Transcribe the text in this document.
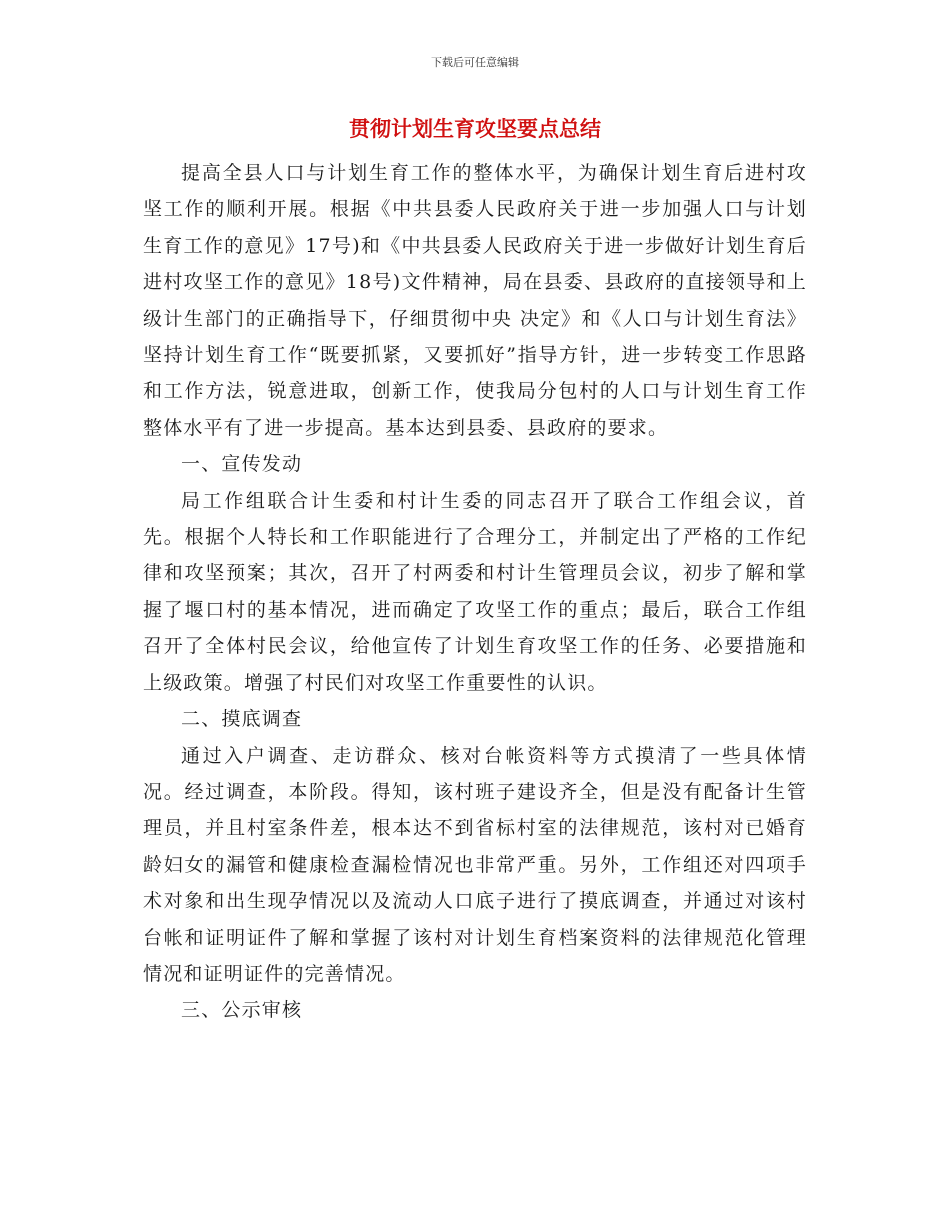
下载后可任意编辑
贯彻计划生育攻坚要点总结

提高全县人口与计划生育工作的整体水平，为确保计划生育后进村攻坚工作的顺利开展。根据《中共县委人民政府关于进一步加强人口与计划生育工作的意见》17号)和《中共县委人民政府关于进一步做好计划生育后进村攻坚工作的意见》18号)文件精神，局在县委、县政府的直接领导和上级计生部门的正确指导下，仔细贯彻中央 决定》和《人口与计划生育法》坚持计划生育工作“既要抓紧，又要抓好”指导方针，进一步转变工作思路和工作方法，锐意进取，创新工作，使我局分包村的人口与计划生育工作整体水平有了进一步提高。基本达到县委、县政府的要求。

一、宣传发动

局工作组联合计生委和村计生委的同志召开了联合工作组会议，首先。根据个人特长和工作职能进行了合理分工，并制定出了严格的工作纪律和攻坚预案；其次，召开了村两委和村计生管理员会议，初步了解和掌握了堰口村的基本情况，进而确定了攻坚工作的重点；最后，联合工作组召开了全体村民会议，给他宣传了计划生育攻坚工作的任务、必要措施和上级政策。增强了村民们对攻坚工作重要性的认识。

二、摸底调查

通过入户调查、走访群众、核对台帐资料等方式摸清了一些具体情况。经过调查，本阶段。得知，该村班子建设齐全，但是没有配备计生管理员，并且村室条件差，根本达不到省标村室的法律规范，该村对已婚育龄妇女的漏管和健康检查漏检情况也非常严重。另外，工作组还对四项手术对象和出生现孕情况以及流动人口底子进行了摸底调查，并通过对该村台帐和证明证件了解和掌握了该村对计划生育档案资料的法律规范化管理情况和证明证件的完善情况。

三、公示审核
